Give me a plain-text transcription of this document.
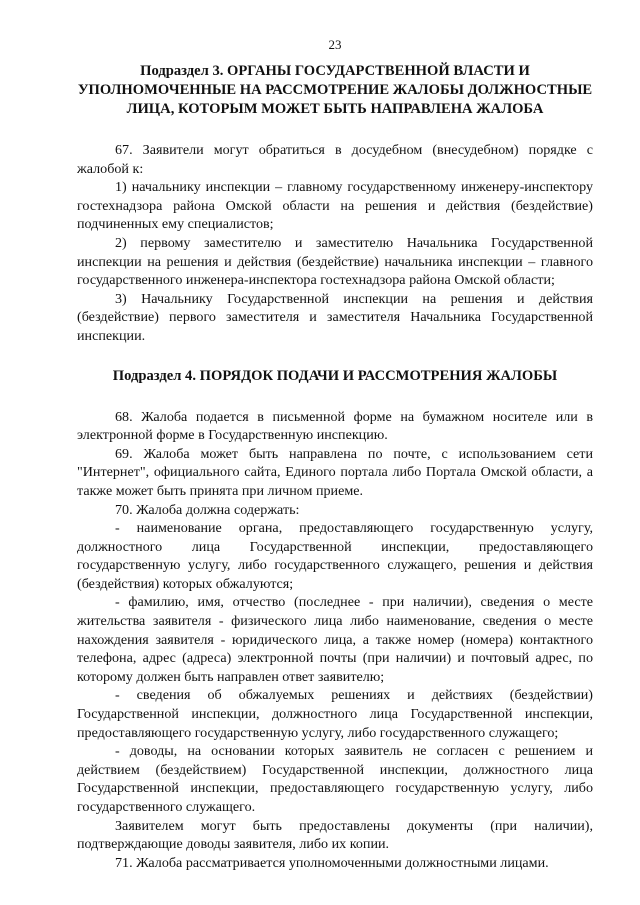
23
Подраздел 3. ОРГАНЫ ГОСУДАРСТВЕННОЙ ВЛАСТИ И УПОЛНОМОЧЕННЫЕ НА РАССМОТРЕНИЕ ЖАЛОБЫ ДОЛЖНОСТНЫЕ ЛИЦА, КОТОРЫМ МОЖЕТ БЫТЬ НАПРАВЛЕНА ЖАЛОБА

67. Заявители могут обратиться в досудебном (внесудебном) порядке с жалобой к:

1) начальнику инспекции – главному государственному инженеру-инспектору гостехнадзора района Омской области на решения и действия (бездействие) подчиненных ему специалистов;

2) первому заместителю и заместителю Начальника Государственной инспекции на решения и действия (бездействие) начальника инспекции – главного государственного инженера-инспектора гостехнадзора района Омской области;

3) Начальнику Государственной инспекции на решения и действия (бездействие) первого заместителя и заместителя Начальника Государственной инспекции.

Подраздел 4. ПОРЯДОК ПОДАЧИ И РАССМОТРЕНИЯ ЖАЛОБЫ

68. Жалоба подается в письменной форме на бумажном носителе или в электронной форме в Государственную инспекцию.

69. Жалоба может быть направлена по почте, с использованием сети "Интернет", официального сайта, Единого портала либо Портала Омской области, а также может быть принята при личном приеме.

70. Жалоба должна содержать:

- наименование органа, предоставляющего государственную услугу, должностного лица Государственной инспекции, предоставляющего государственную услугу, либо государственного служащего, решения и действия (бездействия) которых обжалуются;

- фамилию, имя, отчество (последнее - при наличии), сведения о месте жительства заявителя - физического лица либо наименование, сведения о месте нахождения заявителя - юридического лица, а также номер (номера) контактного телефона, адрес (адреса) электронной почты (при наличии) и почтовый адрес, по которому должен быть направлен ответ заявителю;

- сведения об обжалуемых решениях и действиях (бездействии) Государственной инспекции, должностного лица Государственной инспекции, предоставляющего государственную услугу, либо государственного служащего;

- доводы, на основании которых заявитель не согласен с решением и действием (бездействием) Государственной инспекции, должностного лица Государственной инспекции, предоставляющего государственную услугу, либо государственного служащего.

Заявителем могут быть предоставлены документы (при наличии), подтверждающие доводы заявителя, либо их копии.

71. Жалоба рассматривается уполномоченными должностными лицами.
